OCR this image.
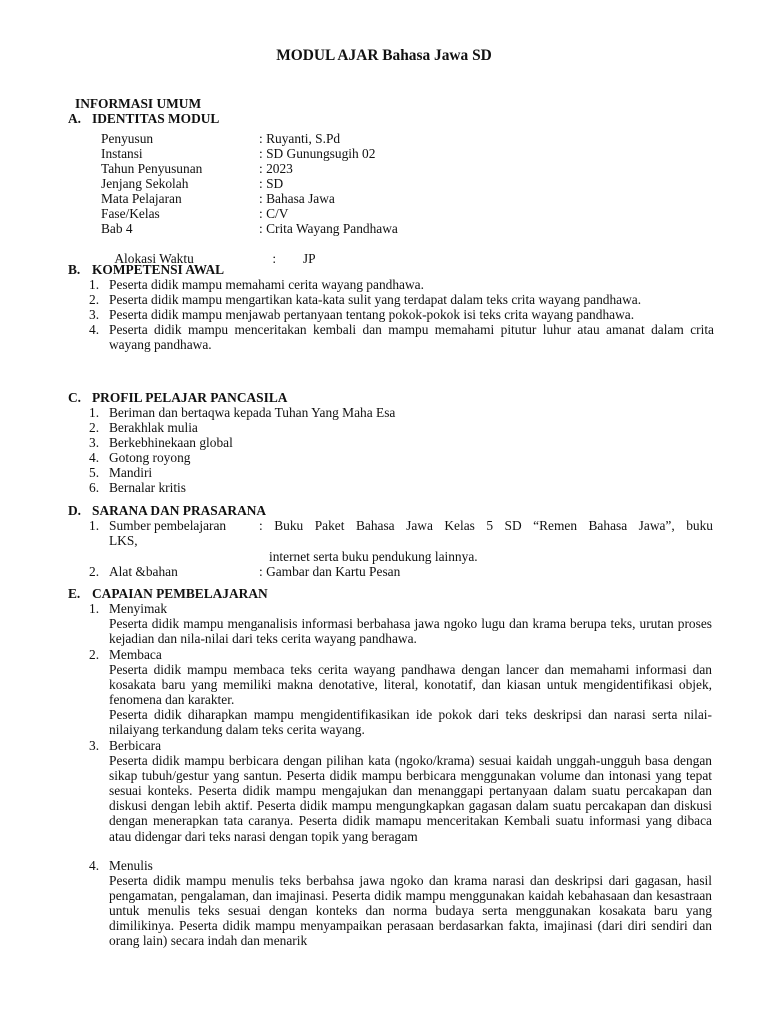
MODUL AJAR Bahasa Jawa SD
INFORMASI UMUM
A. IDENTITAS MODUL
Penyusun	: Ruyanti, S.Pd
Instansi	: SD Gunungsugih 02
Tahun Penyusunan	: 2023
Jenjang Sekolah	: SD
Mata Pelajaran	: Bahasa Jawa
Fase/Kelas	: C/V
Bab 4	: Crita Wayang Pandhawa

Alokasi Waktu	:        JP

B. KOMPETENSI AWAL
1. Peserta didik mampu memahami cerita wayang pandhawa.
2. Peserta didik mampu mengartikan kata-kata sulit yang terdapat dalam teks crita wayang pandhawa.
3. Peserta didik mampu menjawab pertanyaan tentang pokok-pokok isi teks crita wayang pandhawa.
4. Peserta didik mampu menceritakan kembali dan mampu memahami pitutur luhur atau amanat dalam crita wayang pandhawa.
C. PROFIL PELAJAR PANCASILA
1. Beriman dan bertaqwa kepada Tuhan Yang Maha Esa
2. Berakhlak mulia
3. Berkebhinekaan global
4. Gotong royong
5. Mandiri
6. Bernalar kritis
D. SARANA DAN PRASARANA
1. Sumber pembelajaran : Buku Paket Bahasa Jawa Kelas 5 SD “Remen Bahasa Jawa”, buku
LKS,
internet serta buku pendukung lainnya.
2. Alat &bahan	: Gambar dan Kartu Pesan
E. CAPAIAN PEMBELAJARAN
1. Menyimak

Peserta didik mampu menganalisis informasi berbahasa jawa ngoko lugu dan krama berupa teks, urutan proses kejadian dan nila-nilai dari teks cerita wayang pandhawa.

2. Membaca

Peserta didik mampu membaca teks cerita wayang pandhawa dengan lancer dan memahami informasi dan kosakata baru yang memiliki makna denotative, literal, konotatif, dan kiasan untuk mengidentifikasi objek, fenomena dan karakter.

Peserta didik diharapkan mampu mengidentifikasikan ide pokok dari teks deskripsi dan narasi serta nilai-nilaiyang terkandung dalam teks cerita wayang.

3. Berbicara

Peserta didik mampu berbicara dengan pilihan kata (ngoko/krama) sesuai kaidah unggah-ungguh basa dengan sikap tubuh/gestur yang santun. Peserta didik mampu berbicara menggunakan volume dan intonasi yang tepat sesuai konteks. Peserta didik mampu mengajukan dan menanggapi pertanyaan dalam suatu percakapan dan diskusi dengan lebih aktif. Peserta didik mampu mengungkapkan gagasan dalam suatu percakapan dan diskusi dengan menerapkan tata caranya. Peserta didik mamapu menceritakan Kembali suatu informasi yang dibaca atau didengar dari teks narasi dengan topik yang beragam

4. Menulis

Peserta didik mampu menulis teks berbahsa jawa ngoko dan krama narasi dan deskripsi dari gagasan, hasil pengamatan, pengalaman, dan imajinasi. Peserta didik mampu menggunakan kaidah kebahasaan dan kesastraan untuk menulis teks sesuai dengan konteks dan norma budaya serta menggunakan kosakata baru yang dimilikinya. Peserta didik mampu menyampaikan perasaan berdasarkan fakta, imajinasi (dari diri sendiri dan orang lain) secara indah dan menarik
